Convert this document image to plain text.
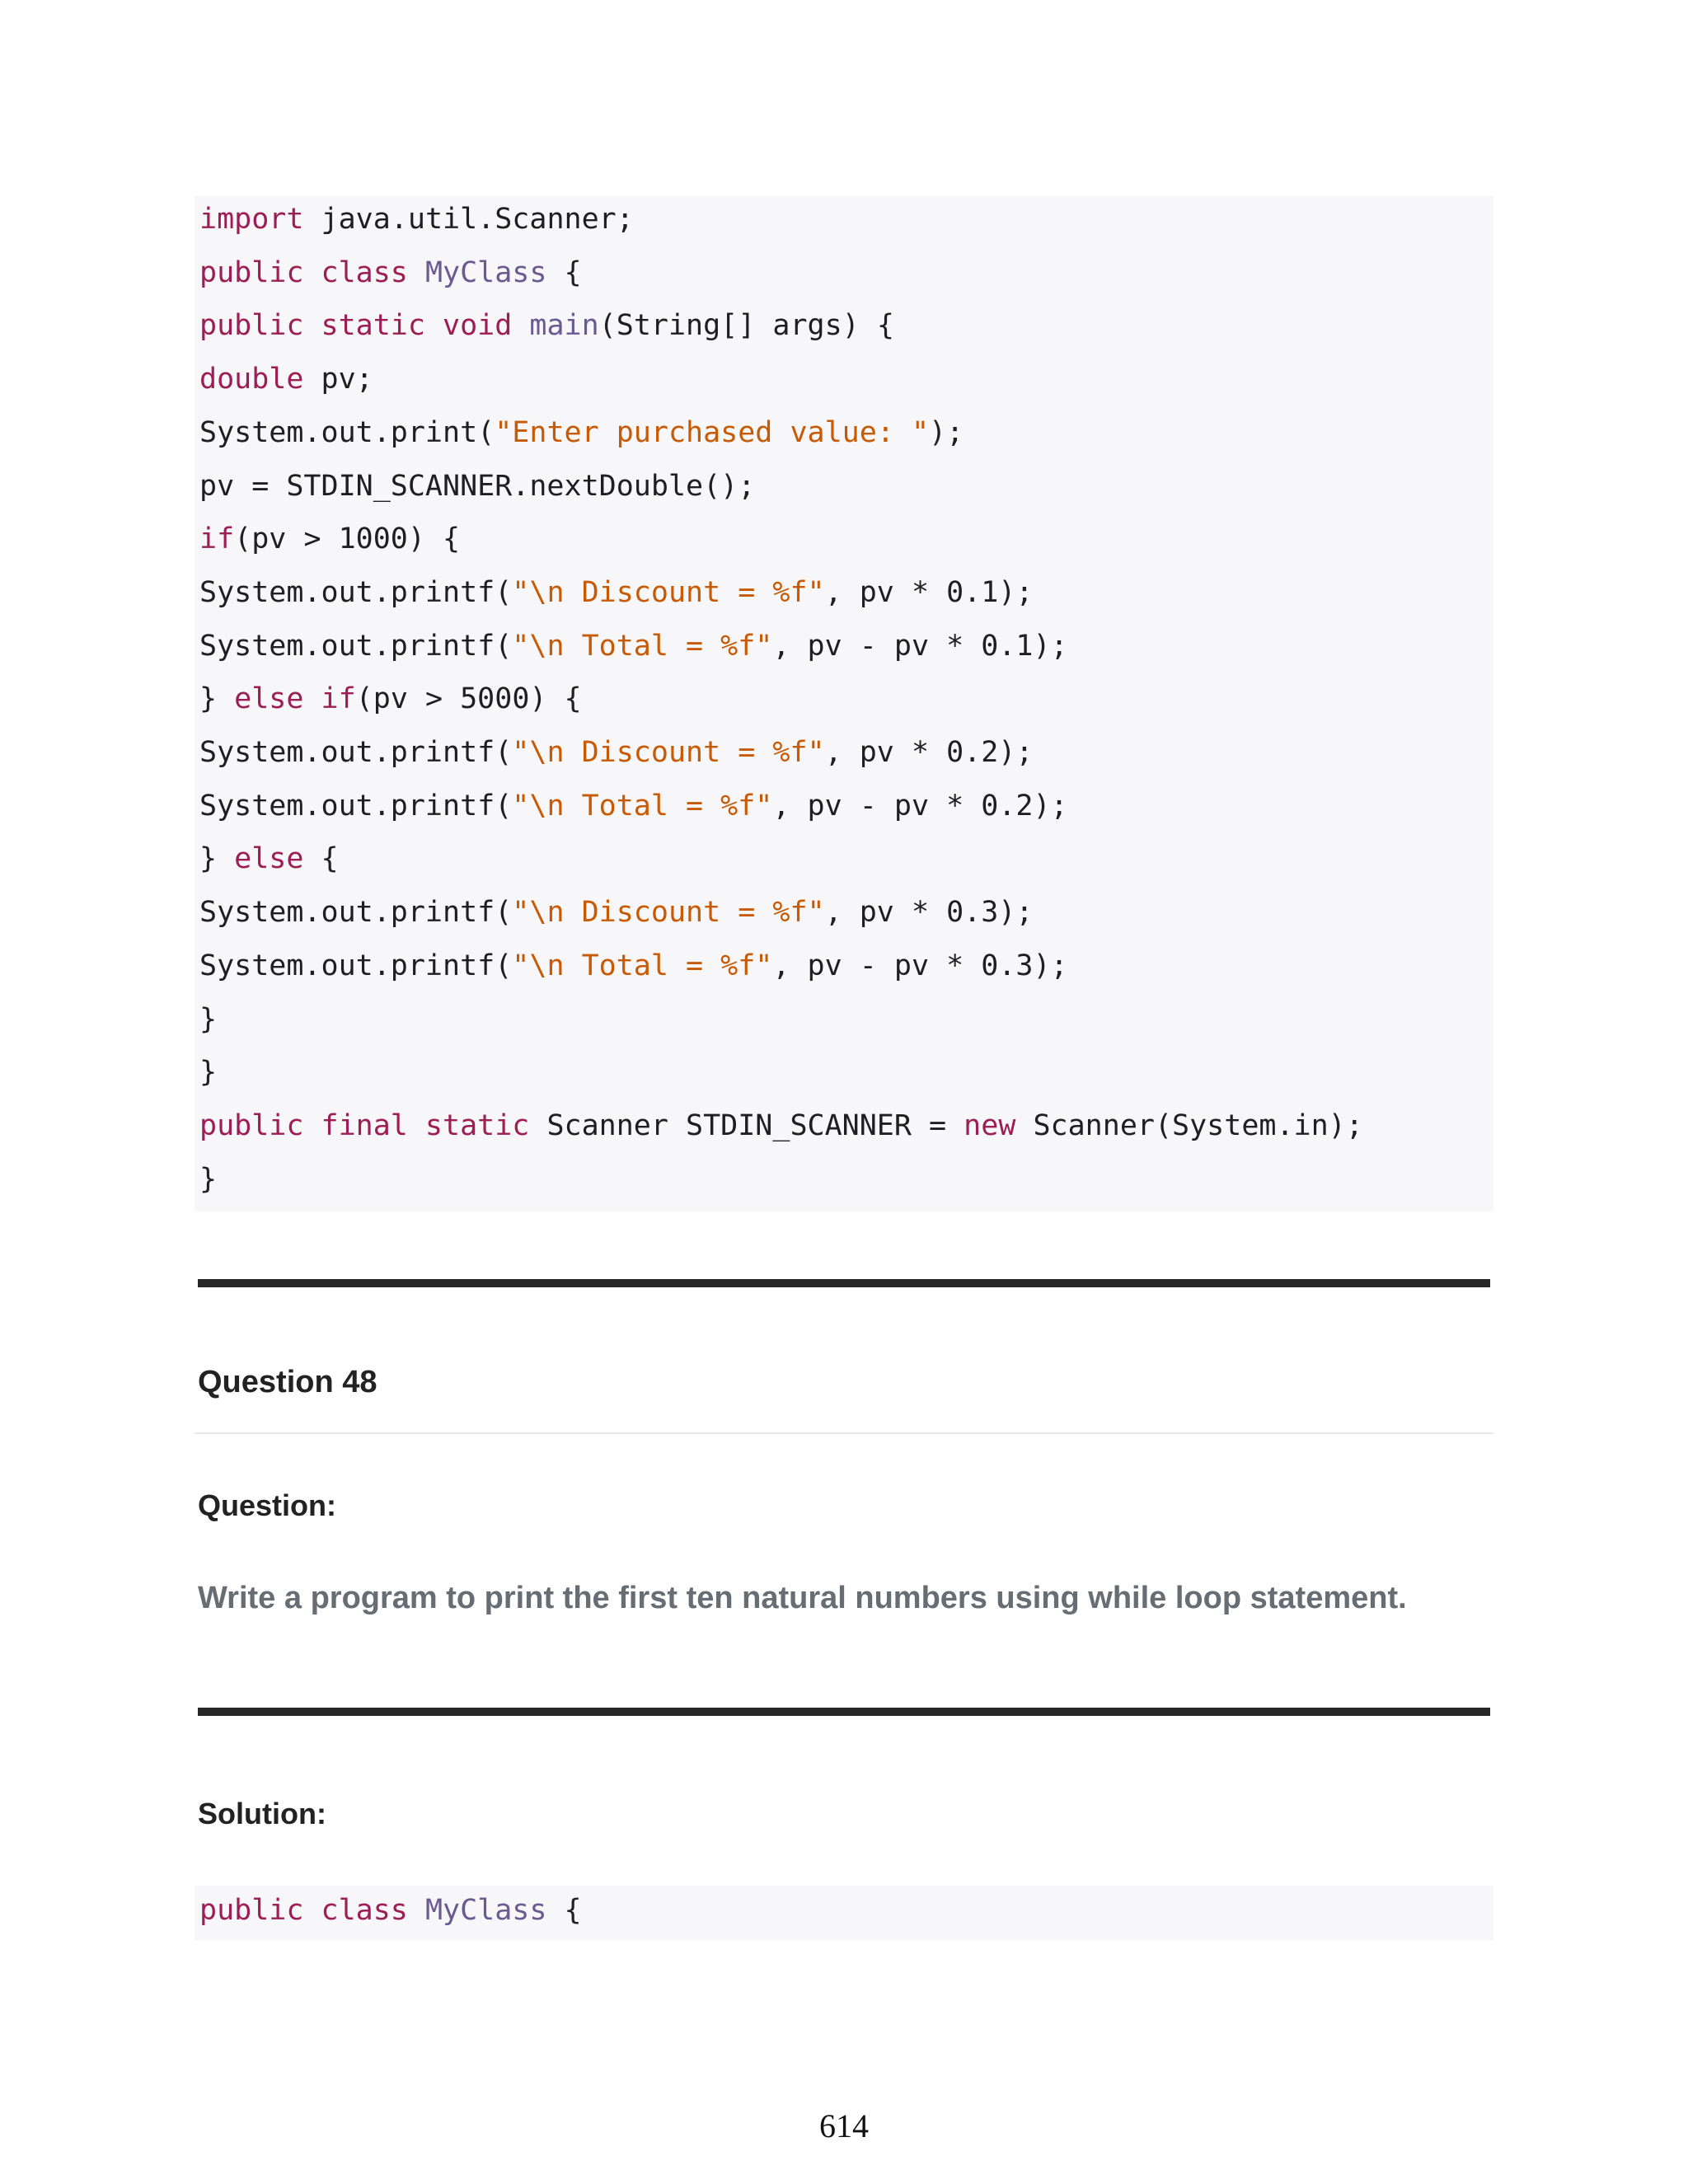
import java.util.Scanner;
public class MyClass {
public static void main(String[] args) {
double pv;
System.out.print("Enter purchased value: ");
pv = STDIN_SCANNER.nextDouble();
if(pv > 1000) {
System.out.printf("\n Discount = %f", pv * 0.1);
System.out.printf("\n Total = %f", pv - pv * 0.1);
} else if(pv > 5000) {
System.out.printf("\n Discount = %f", pv * 0.2);
System.out.printf("\n Total = %f", pv - pv * 0.2);
} else {
System.out.printf("\n Discount = %f", pv * 0.3);
System.out.printf("\n Total = %f", pv - pv * 0.3);
}
}
public final static Scanner STDIN_SCANNER = new Scanner(System.in);
}
Question 48
Question:
Write a program to print the first ten natural numbers using while loop statement.
Solution:
public class MyClass {
614
